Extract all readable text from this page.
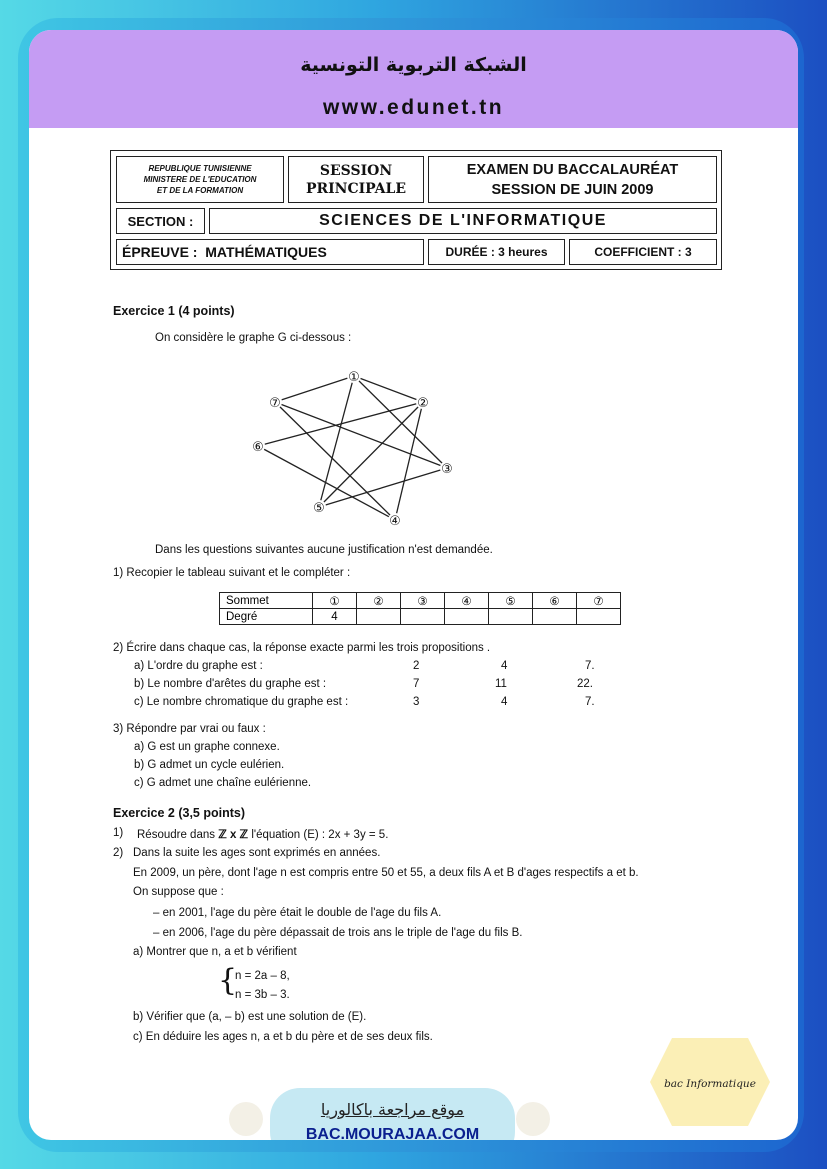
الشبكة التربوية التونسية
www.edunet.tn
REPUBLIQUE TUNISIENNE
MINISTERE DE L'EDUCATION
ET DE LA FORMATION
SESSION
PRINCIPALE
EXAMEN DU BACCALAURÉAT
SESSION DE JUIN 2009
SECTION :	SCIENCES DE L'INFORMATIQUE
ÉPREUVE :
MATHÉMATIQUES	DURÉE : 3 heures	COEFFICIENT : 3
Exercice 1 (4 points)
On considère le graphe G ci-dessous :
①
②
③
④
⑤
⑥
⑦
Dans les questions suivantes aucune justification n'est demandée.
1) Recopier le tableau suivant et le compléter :
Sommet	①	②	③	④	⑤	⑥	⑦
Degré	4						
2) Écrire dans chaque cas, la réponse exacte parmi les trois propositions .
a) L'ordre du graphe est :	2	4	7.
b) Le nombre d'arêtes du graphe est :	7	11	22.
c) Le nombre chromatique du graphe est :	3	4	7.
3) Répondre par vrai ou faux :
a) G est un graphe connexe.
b) G admet un cycle eulérien.
c) G admet une chaîne eulérienne.
Exercice 2 (3,5 points)
1) Résoudre dans ℤ x ℤ l'équation (E) : 2x + 3y = 5.
2) Dans la suite les ages sont exprimés en années.
En 2009, un père, dont l'age n est compris entre 50 et 55, a deux fils A et B d'ages respectifs a et b.
On suppose que :
– en 2001, l'age du père était le double de l'age du fils A.
– en 2006, l'age du père dépassait de trois ans le triple de l'age du fils B.
a) Montrer que n, a et b vérifient
{
n = 2a – 8,
n = 3b – 3.
b) Vérifier que (a, – b) est une solution de (E).
c) En déduire les ages n, a et b du père et de ses deux fils.
موقع مراجعة باكالوريا
BAC.MOURAJAA.COM
bac Informatique
